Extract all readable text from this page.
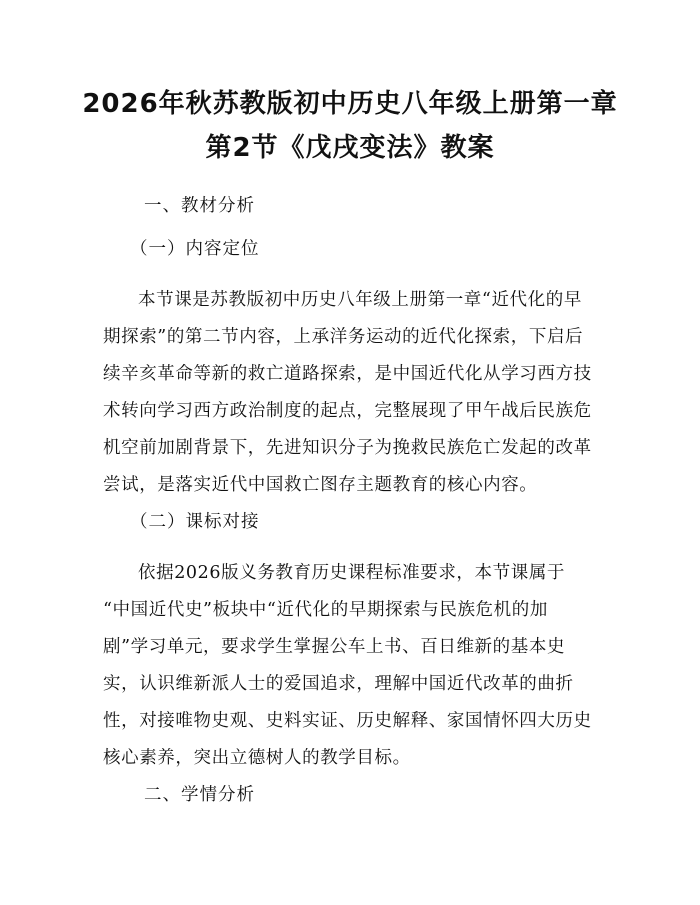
2026年秋苏教版初中历史八年级上册第一章
第2节《戊戌变法》教案
一、教材分析
（一）内容定位
本节课是苏教版初中历史八年级上册第一章“近代化的早
期探索”的第二节内容，上承洋务运动的近代化探索，下启后
续辛亥革命等新的救亡道路探索，是中国近代化从学习西方技
术转向学习西方政治制度的起点，完整展现了甲午战后民族危
机空前加剧背景下，先进知识分子为挽救民族危亡发起的改革
尝试，是落实近代中国救亡图存主题教育的核心内容。
（二）课标对接
依据2026版义务教育历史课程标准要求，本节课属于
“中国近代史”板块中“近代化的早期探索与民族危机的加
剧”学习单元，要求学生掌握公车上书、百日维新的基本史
实，认识维新派人士的爱国追求，理解中国近代改革的曲折
性，对接唯物史观、史料实证、历史解释、家国情怀四大历史
核心素养，突出立德树人的教学目标。
二、学情分析
